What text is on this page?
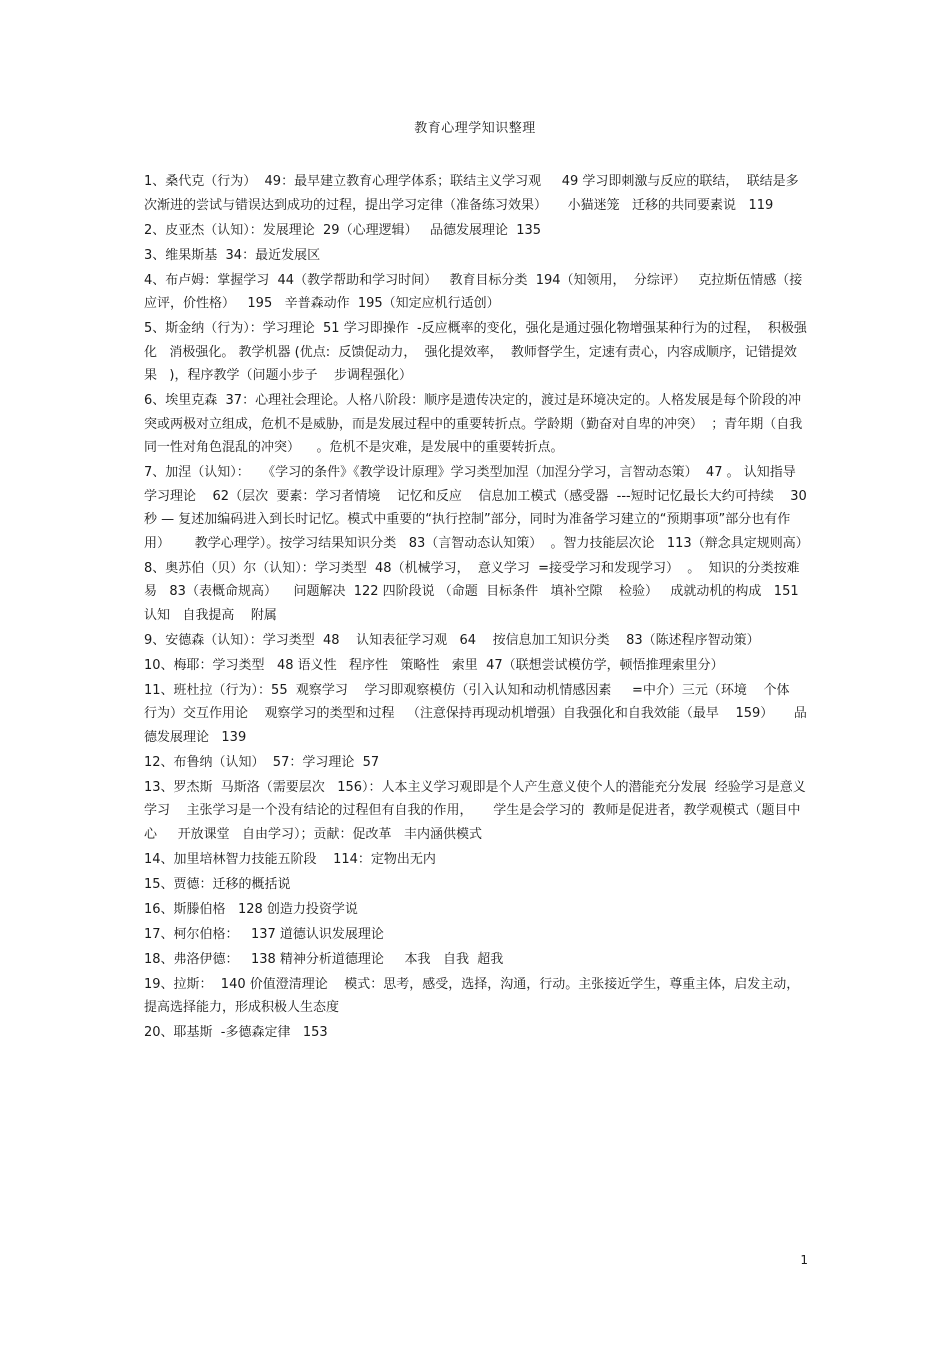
教育心理学知识整理

1、桑代克（行为）  49：最早建立教育心理学体系；联结主义学习观     49 学习即刺激与反应的联结，  联结是多次渐进的尝试与错误达到成功的过程，提出学习定律（准备练习效果）     小猫迷笼   迁移的共同要素说   119

2、皮亚杰（认知）：发展理论  29（心理逻辑）   品德发展理论  135

3、维果斯基  34：最近发展区

4、布卢姆：掌握学习  44（教学帮助和学习时间）   教育目标分类  194（知领用，  分综评）   克拉斯伍情感（接应评，价性格）   195   辛普森动作  195（知定应机行适创）

5、斯金纳（行为）：学习理论  51 学习即操作  -反应概率的变化，强化是通过强化物增强某种行为的过程，  积极强化   消极强化。 教学机器 (优点:  反馈促动力，  强化提效率，  教师督学生，定速有责心，内容成顺序，记错提效果   )，程序教学（问题小步子    步调程强化）

6、埃里克森  37：心理社会理论。人格八阶段：顺序是遗传决定的，渡过是环境决定的。人格发展是每个阶段的冲突或两极对立组成，危机不是威胁，而是发展过程中的重要转折点。学龄期（勤奋对自卑的冲突）  ；青年期（自我同一性对角色混乱的冲突）    。危机不是灾难，是发展中的重要转折点。

7、加涅（认知）：   《学习的条件》《教学设计原理》学习类型加涅（加涅分学习，言智动态策）  47 。 认知指导学习理论    62（层次  要素：学习者情境    记忆和反应    信息加工模式（感受器  ---短时记忆最长大约可持续    30 秒 — 复述加编码进入到长时记忆。模式中重要的“执行控制”部分，同时为准备学习建立的“预期事项”部分也有作用）      教学心理学）。按学习结果知识分类   83（言智动态认知策）  。智力技能层次论   113（辩念具定规则高）

8、奥苏伯（贝）尔（认知）：学习类型  48（机械学习，  意义学习  =接受学习和发现学习）  。  知识的分类按难易   83（表概命规高）    问题解决  122 四阶段说 （命题  目标条件   填补空隙    检验）   成就动机的构成   151 认知   自我提高    附属

9、安德森（认知）：学习类型  48    认知表征学习观   64    按信息加工知识分类    83（陈述程序智动策）

10、梅耶：学习类型   48 语义性   程序性   策略性   索里  47（联想尝试模仿学，顿悟推理索里分）

11、班杜拉（行为）：55  观察学习    学习即观察模仿（引入认知和动机情感因素     =中介）三元（环境    个体   行为）交互作用论    观察学习的类型和过程   （注意保持再现动机增强）自我强化和自我效能（最早    159）     品德发展理论   139

12、布鲁纳（认知）  57：学习理论  57

13、罗杰斯  马斯洛（需要层次   156）：人本主义学习观即是个人产生意义使个人的潜能充分发展  经验学习是意义学习    主张学习是一个没有结论的过程但有自我的作用，     学生是会学习的  教师是促进者，教学观模式（题目中心     开放课堂   自由学习）；贡献：促改革   丰内涵供模式

14、加里培林智力技能五阶段    114：定物出无内

15、贾德：迁移的概括说

16、斯滕伯格   128 创造力投资学说

17、柯尔伯格：   137 道德认识发展理论

18、弗洛伊德：   138 精神分析道德理论     本我   自我  超我

19、拉斯：  140 价值澄清理论    模式：思考，感受，选择，沟通，行动。主张接近学生，尊重主体，启发主动，提高选择能力，形成积极人生态度

20、耶基斯  -多德森定律   153

1
